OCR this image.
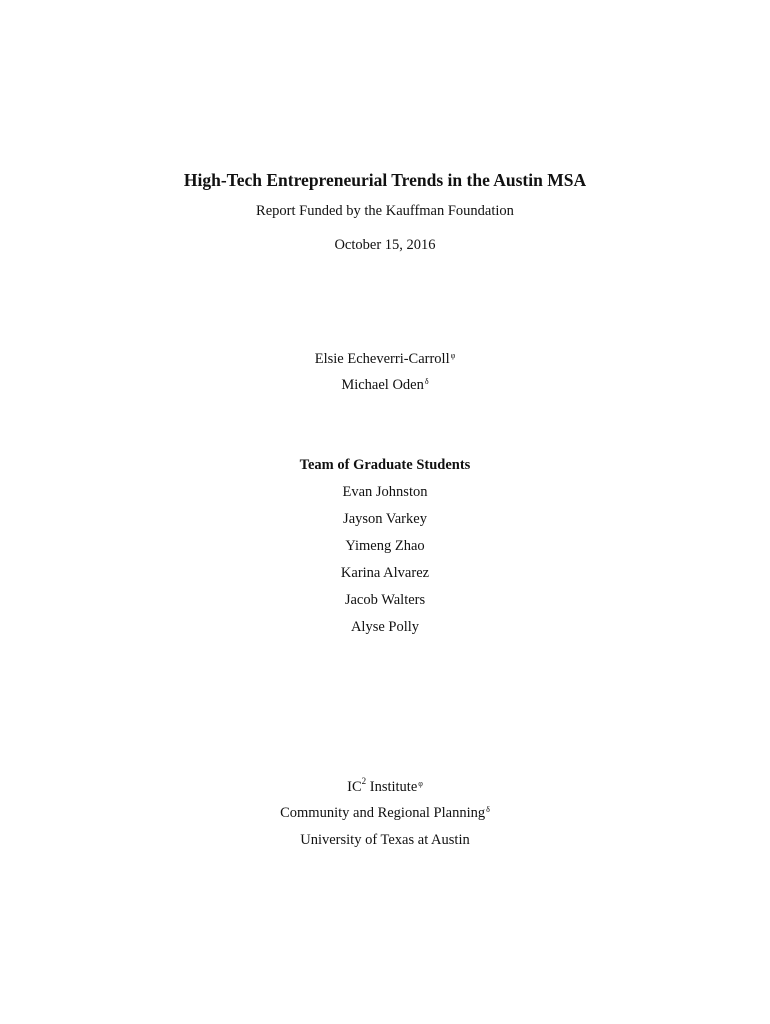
High-Tech Entrepreneurial Trends in the Austin MSA
Report Funded by the Kauffman Foundation
October 15, 2016
Elsie Echeverri-Carroll$^\varphi$
Michael Oden$^\delta$
Team of Graduate Students
Evan Johnston
Jayson Varkey
Yimeng Zhao
Karina Alvarez
Jacob Walters
Alyse Polly
$IC^2$ Institute$^\varphi$
Community and Regional Planning$^\delta$
University of Texas at Austin
